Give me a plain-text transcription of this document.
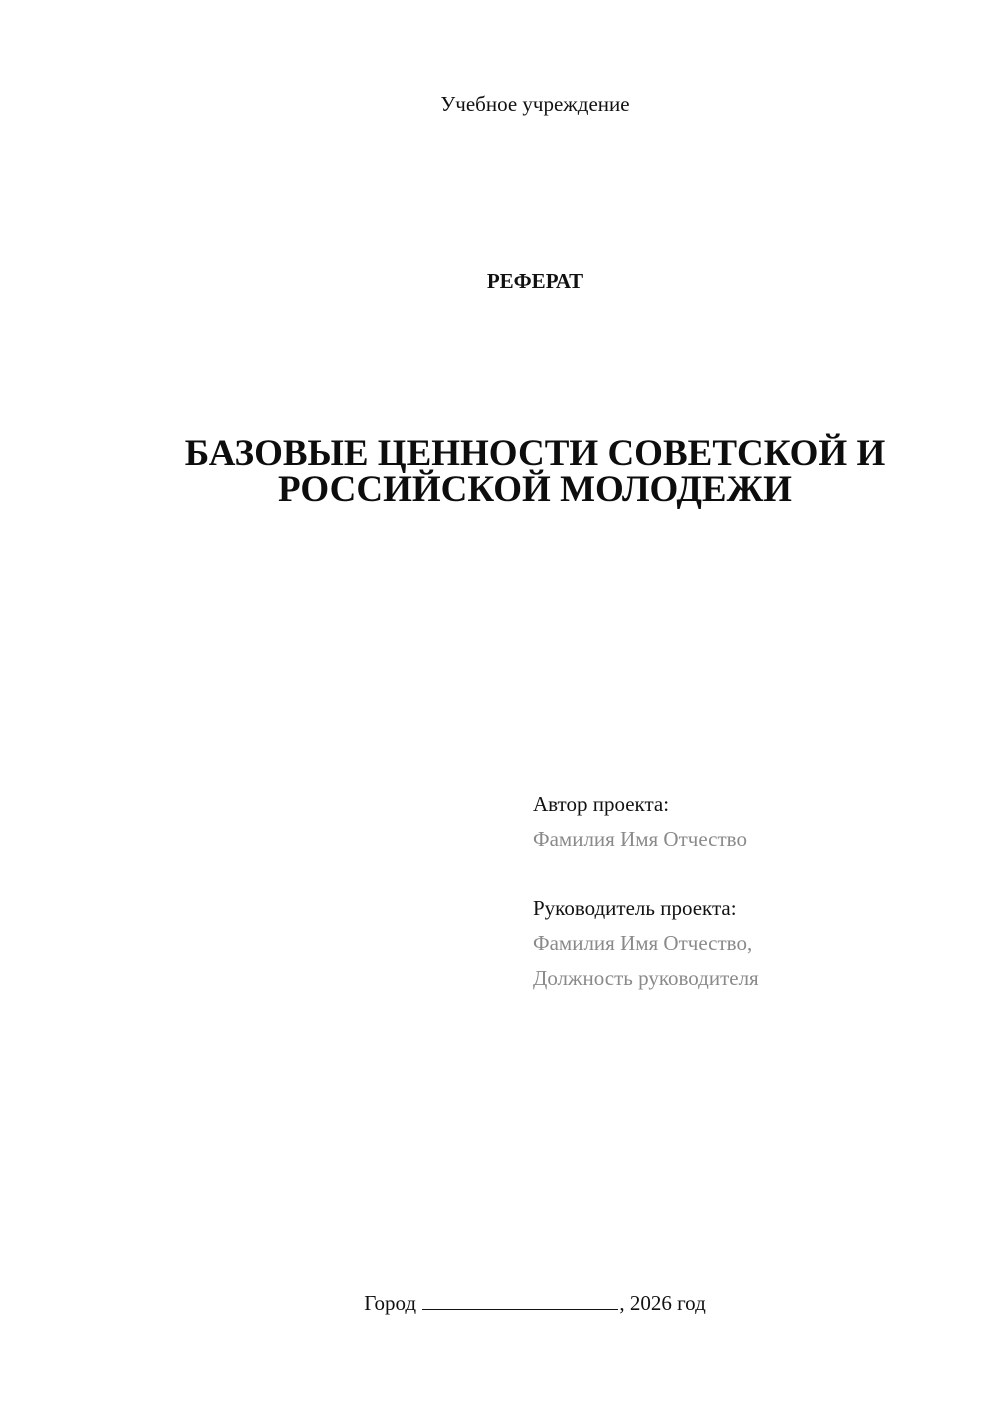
Учебное учреждение
РЕФЕРАТ
БАЗОВЫЕ ЦЕННОСТИ СОВЕТСКОЙ И
РОССИЙСКОЙ МОЛОДЕЖИ
Автор проекта:
Фамилия Имя Отчество
Руководитель проекта:
Фамилия Имя Отчество,
Должность руководителя
Город	, 2026 год
